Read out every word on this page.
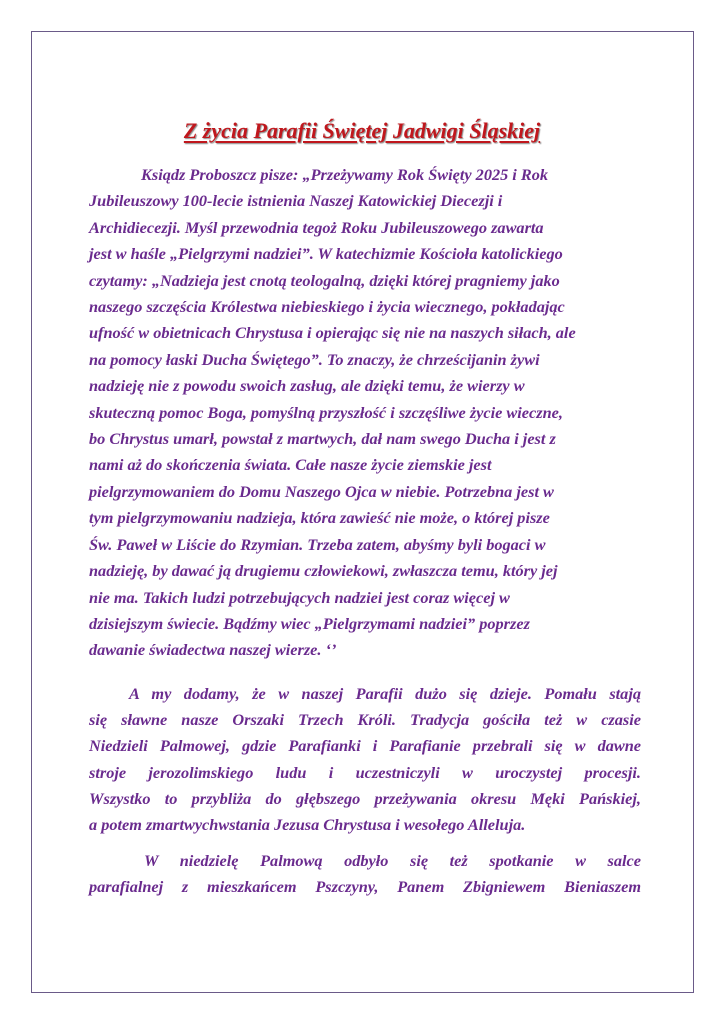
Z życia Parafii Świętej Jadwigi Śląskiej
Ksiądz Proboszcz pisze: „Przeżywamy Rok Święty 2025 i Rok
Jubileuszowy 100-lecie istnienia Naszej Katowickiej Diecezji i
Archidiecezji. Myśl przewodnia tegoż Roku Jubileuszowego zawarta
jest w haśle „Pielgrzymi nadziei”. W katechizmie Kościoła katolickiego
czytamy: „Nadzieja jest cnotą teologalną, dzięki której pragniemy jako
naszego szczęścia Królestwa niebieskiego i życia wiecznego, pokładając
ufność w obietnicach Chrystusa i opierając się nie na naszych siłach, ale
na pomocy łaski Ducha Świętego”. To znaczy, że chrześcijanin żywi
nadzieję nie z powodu swoich zasług, ale dzięki temu, że wierzy w
skuteczną pomoc Boga, pomyślną przyszłość i szczęśliwe życie wieczne,
bo Chrystus umarł, powstał z martwych, dał nam swego Ducha i jest z
nami aż do skończenia świata. Całe nasze życie ziemskie jest
pielgrzymowaniem do Domu Naszego Ojca w niebie. Potrzebna jest w
tym pielgrzymowaniu nadzieja, która zawieść nie może, o której pisze
Św. Paweł w Liście do Rzymian. Trzeba zatem, abyśmy byli bogaci w
nadzieję, by dawać ją drugiemu człowiekowi, zwłaszcza temu, który jej
nie ma. Takich ludzi potrzebujących nadziei jest coraz więcej w
dzisiejszym świecie. Bądźmy wiec „Pielgrzymami nadziei” poprzez
dawanie świadectwa naszej wierze. ‘’
A my dodamy, że w naszej Parafii dużo się dzieje. Pomału stają
się sławne nasze Orszaki Trzech Króli. Tradycja gościła też w czasie
Niedzieli Palmowej, gdzie Parafianki i Parafianie przebrali się w dawne
stroje jerozolimskiego ludu i uczestniczyli w uroczystej procesji.
Wszystko to przybliża do głębszego przeżywania okresu Męki Pańskiej,
a potem zmartwychwstania Jezusa Chrystusa i wesołego Alleluja.
W niedzielę Palmową odbyło się też spotkanie w salce
parafialnej z mieszkańcem Pszczyny, Panem Zbigniewem Bieniaszem
